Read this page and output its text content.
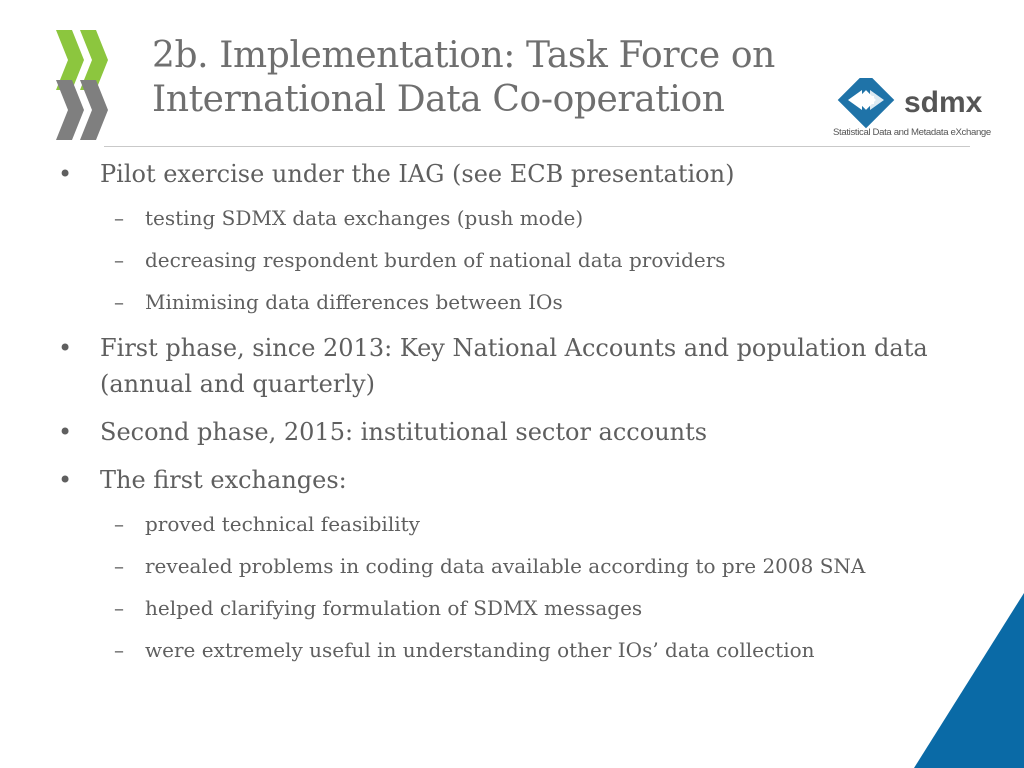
2b. Implementation: Task Force on
International Data Co-operation	sdmx
Statistical Data and Metadata eXchange
• Pilot exercise under the IAG (see ECB presentation)
– testing SDMX data exchanges (push mode)
– decreasing respondent burden of national data providers
– Minimising data differences between IOs
• First phase, since 2013: Key National Accounts and population data (annual and quarterly)
• Second phase, 2015: institutional sector accounts
• The first exchanges:
– proved technical feasibility
– revealed problems in coding data available according to pre 2008 SNA
– helped clarifying formulation of SDMX messages
– were extremely useful in understanding other IOs’ data collection
